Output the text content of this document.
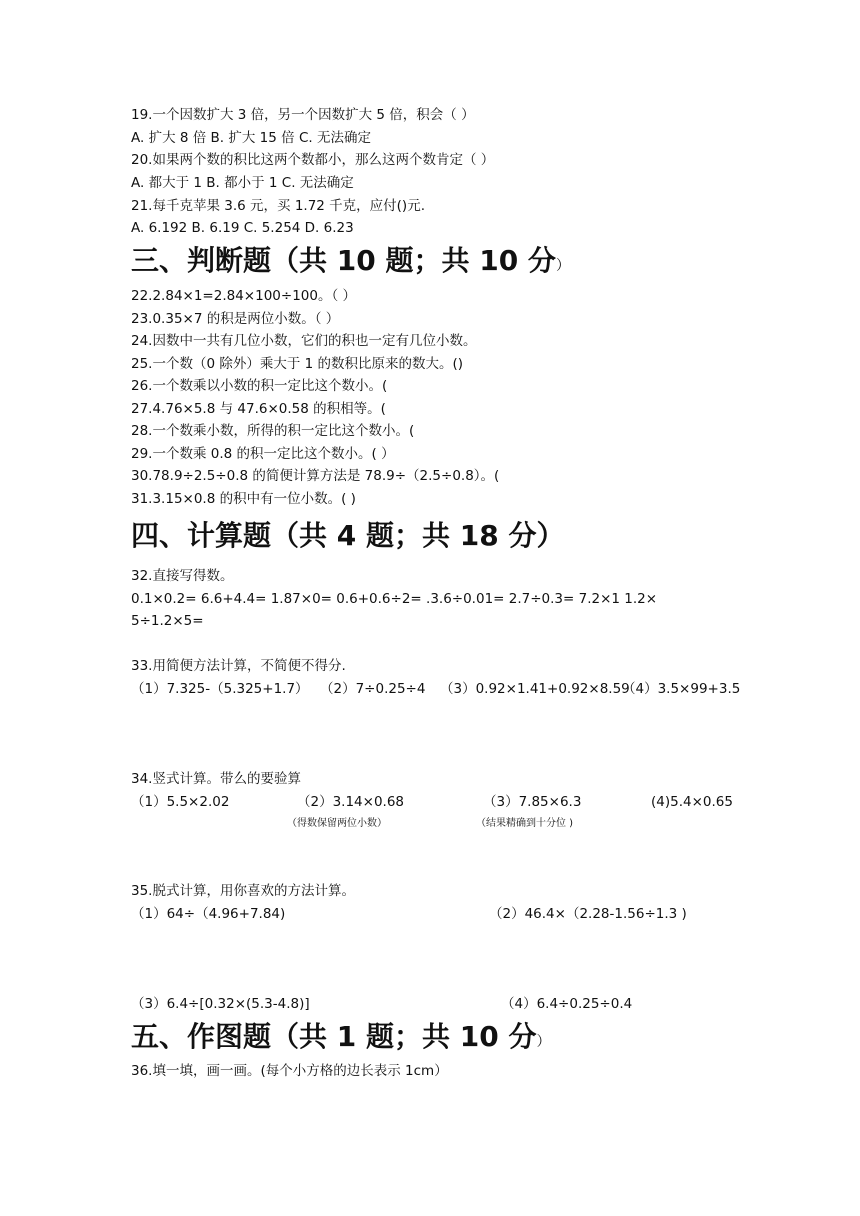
19.一个因数扩大 3 倍，另一个因数扩大 5 倍，积会（ ）
A. 扩大 8 倍 B. 扩大 15 倍 C. 无法确定
20.如果两个数的积比这两个数都小，那么这两个数肯定（ ）
A. 都大于 1 B. 都小于 1 C. 无法确定
21.每千克苹果 3.6 元，买 1.72 千克，应付()元.
A. 6.192 B. 6.19 C. 5.254 D. 6.23
三、判断题（共 10 题；共 10 分）
22.2.84×1=2.84×100÷100。（ ）
23.0.35×7 的积是两位小数。（ ）
24.因数中一共有几位小数，它们的积也一定有几位小数。
25.一个数（0 除外）乘大于 1 的数积比原来的数大。()
26.一个数乘以小数的积一定比这个数小。(
27.4.76×5.8 与 47.6×0.58 的积相等。(
28.一个数乘小数，所得的积一定比这个数小。(
29.一个数乘 0.8 的积一定比这个数小。( ）
30.78.9÷2.5÷0.8 的简便计算方法是 78.9÷（2.5÷0.8）。(
31.3.15×0.8 的积中有一位小数。( )
四、计算题（共 4 题；共 18 分）
32.直接写得数。
0.1×0.2= 6.6+4.4= 1.87×0= 0.6+0.6÷2= .3.6÷0.01= 2.7÷0.3= 7.2×1 1.2×
5÷1.2×5=
33.用简便方法计算，不简便不得分.
（1）7.325-（5.325+1.7） （2）7÷0.25÷4 （3）0.92×1.41+0.92×8.59
（4）3.5×99+3.5
34.竖式计算。带么的要验算
（1）5.5×2.02	（2）3.14×0.68	（3）7.85×6.3	(4)5.4×0.65
（得数保留两位小数）	（结果精确到十分位 )
35.脱式计算，用你喜欢的方法计算。
（1）64÷（4.96+7.84)	（2）46.4×（2.28-1.56÷1.3 )
（3）6.4÷[0.32×(5.3-4.8)]	（4）6.4÷0.25÷0.4
五、作图题（共 1 题；共 10 分）
36.填一填，画一画。(每个小方格的边长表示 1cm）
